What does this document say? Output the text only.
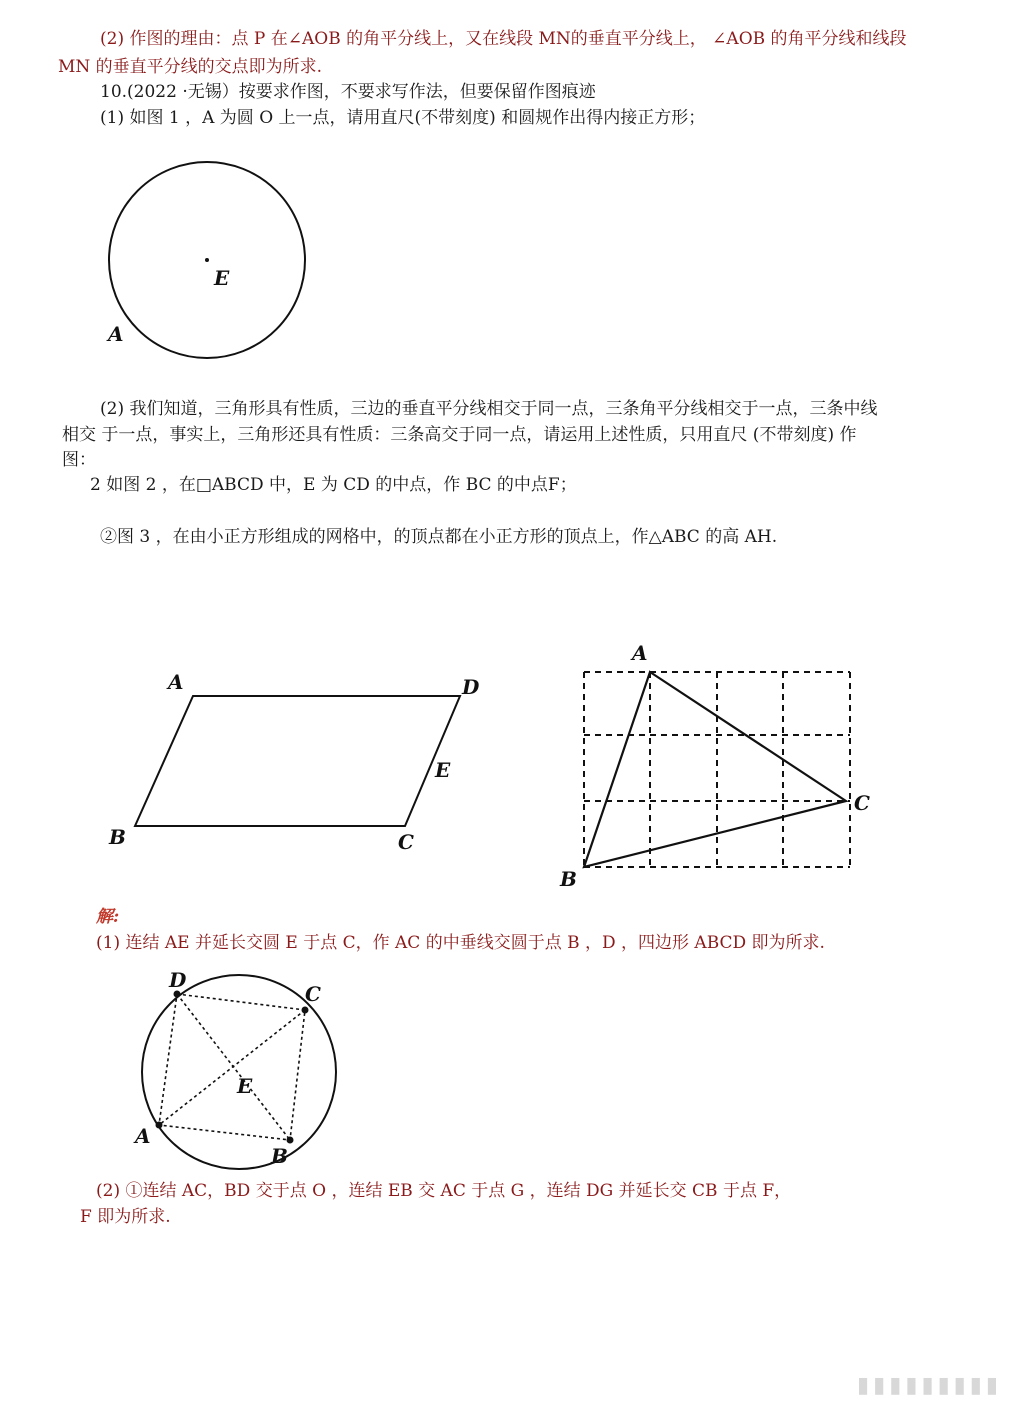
(2) 作图的理由：点 P 在∠AOB 的角平分线上，又在线段 MN的垂直平分线上， ∠AOB 的角平分线和线段
MN 的垂直平分线的交点即为所求.
10.(2022 ·无锡）按要求作图，不要求写作法，但要保留作图痕迹
(1) 如图 1 ，A 为圆 O 上一点，请用直尺(不带刻度) 和圆规作出得内接正方形；
E
A
(2) 我们知道，三角形具有性质，三边的垂直平分线相交于同一点，三条角平分线相交于一点，三条中线
相交 于一点，事实上，三角形还具有性质：三条高交于同一点，请运用上述性质，只用直尺 (不带刻度) 作
图：
2 如图 2 ，在□ABCD 中，E 为 CD 的中点，作 BC 的中点F；
②图 3 ，在由小正方形组成的网格中，的顶点都在小正方形的顶点上，作△ABC 的高 AH.
A	D
E
B	C
A
C
B
解:
(1) 连结 AE 并延长交圆 E 于点 C，作 AC 的中垂线交圆于点 B ，D ，四边形 ABCD 即为所求.
D
C
E
A
B
(2) ①连结 AC，BD 交于点 O ，连结 EB 交 AC 于点 G ，连结 DG 并延长交 CB 于点 F，
F 即为所求.
▮▮▮▮▮▮▮▮▮
